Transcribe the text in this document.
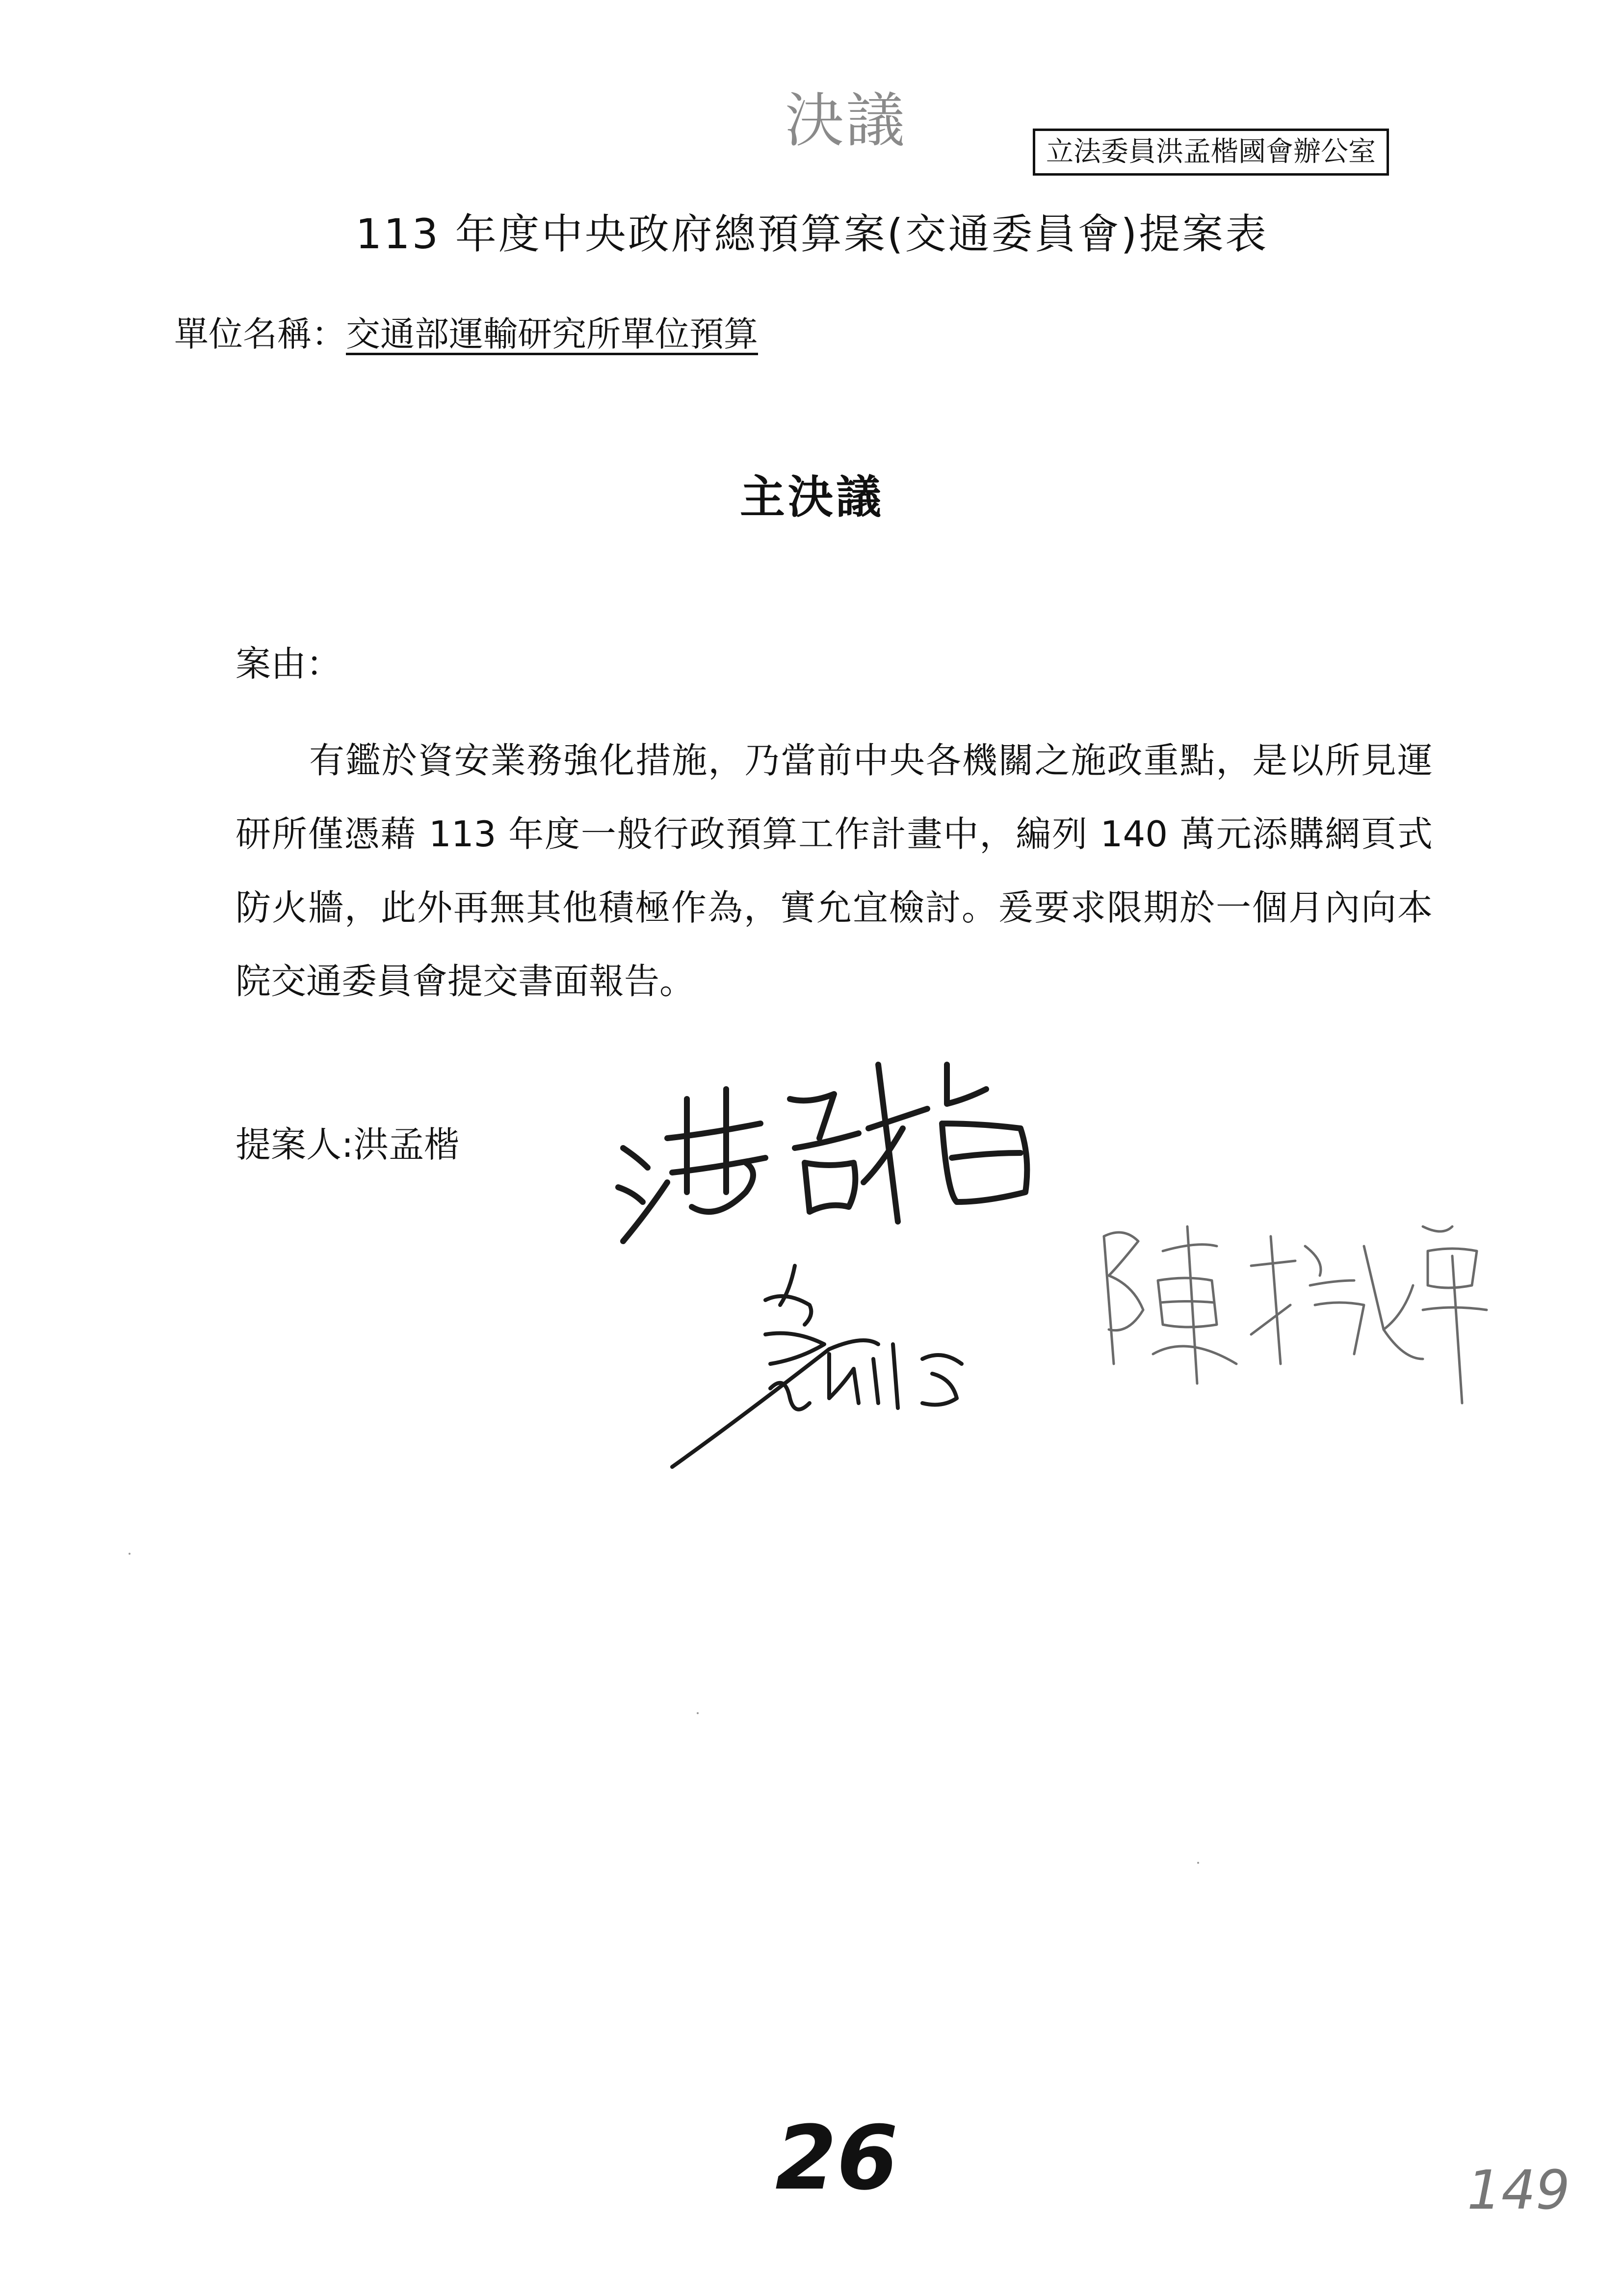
決議	立法委員洪孟楷國會辦公室
113 年度中央政府總預算案(交通委員會)提案表
單位名稱：交通部運輸研究所單位預算
主決議
案由：
有鑑於資安業務強化措施，乃當前中央各機關之施政重點，是以所見運研所僅憑藉 113 年度一般行政預算工作計畫中，編列 140 萬元添購網頁式防火牆，此外再無其他積極作為，實允宜檢討。爰要求限期於一個月內向本院交通委員會提交書面報告。
提案人:洪孟楷
26	149
